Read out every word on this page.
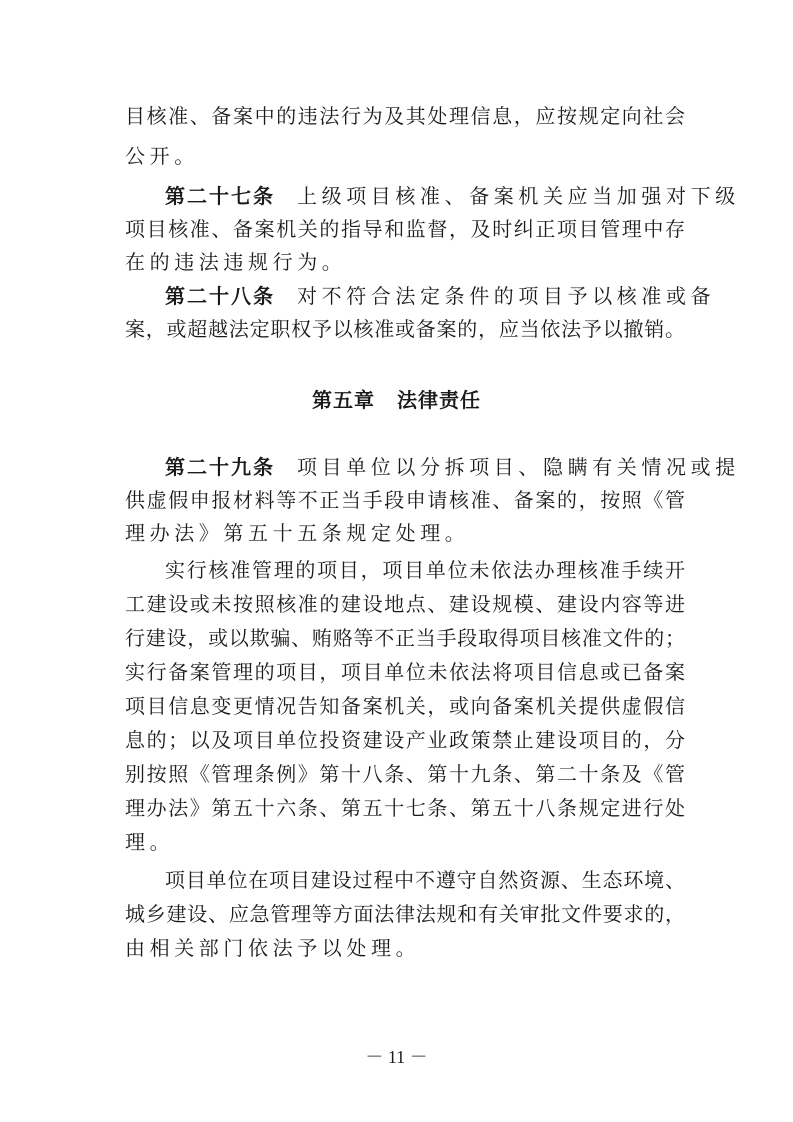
目核准、备案中的违法行为及其处理信息，应按规定向社会
公开。
第二十七条 上级项目核准、备案机关应当加强对下级
项目核准、备案机关的指导和监督，及时纠正项目管理中存
在的违法违规行为。
第二十八条 对不符合法定条件的项目予以核准或备
案，或超越法定职权予以核准或备案的，应当依法予以撤销。
第五章 法律责任
第二十九条 项目单位以分拆项目、隐瞒有关情况或提
供虚假申报材料等不正当手段申请核准、备案的，按照《管
理办法》第五十五条规定处理。
实行核准管理的项目，项目单位未依法办理核准手续开
工建设或未按照核准的建设地点、建设规模、建设内容等进
行建设，或以欺骗、贿赂等不正当手段取得项目核准文件的；
实行备案管理的项目，项目单位未依法将项目信息或已备案
项目信息变更情况告知备案机关，或向备案机关提供虚假信
息的；以及项目单位投资建设产业政策禁止建设项目的，分
别按照《管理条例》第十八条、第十九条、第二十条及《管
理办法》第五十六条、第五十七条、第五十八条规定进行处
理。
项目单位在项目建设过程中不遵守自然资源、生态环境、
城乡建设、应急管理等方面法律法规和有关审批文件要求的，
由相关部门依法予以处理。
－ 11 －
